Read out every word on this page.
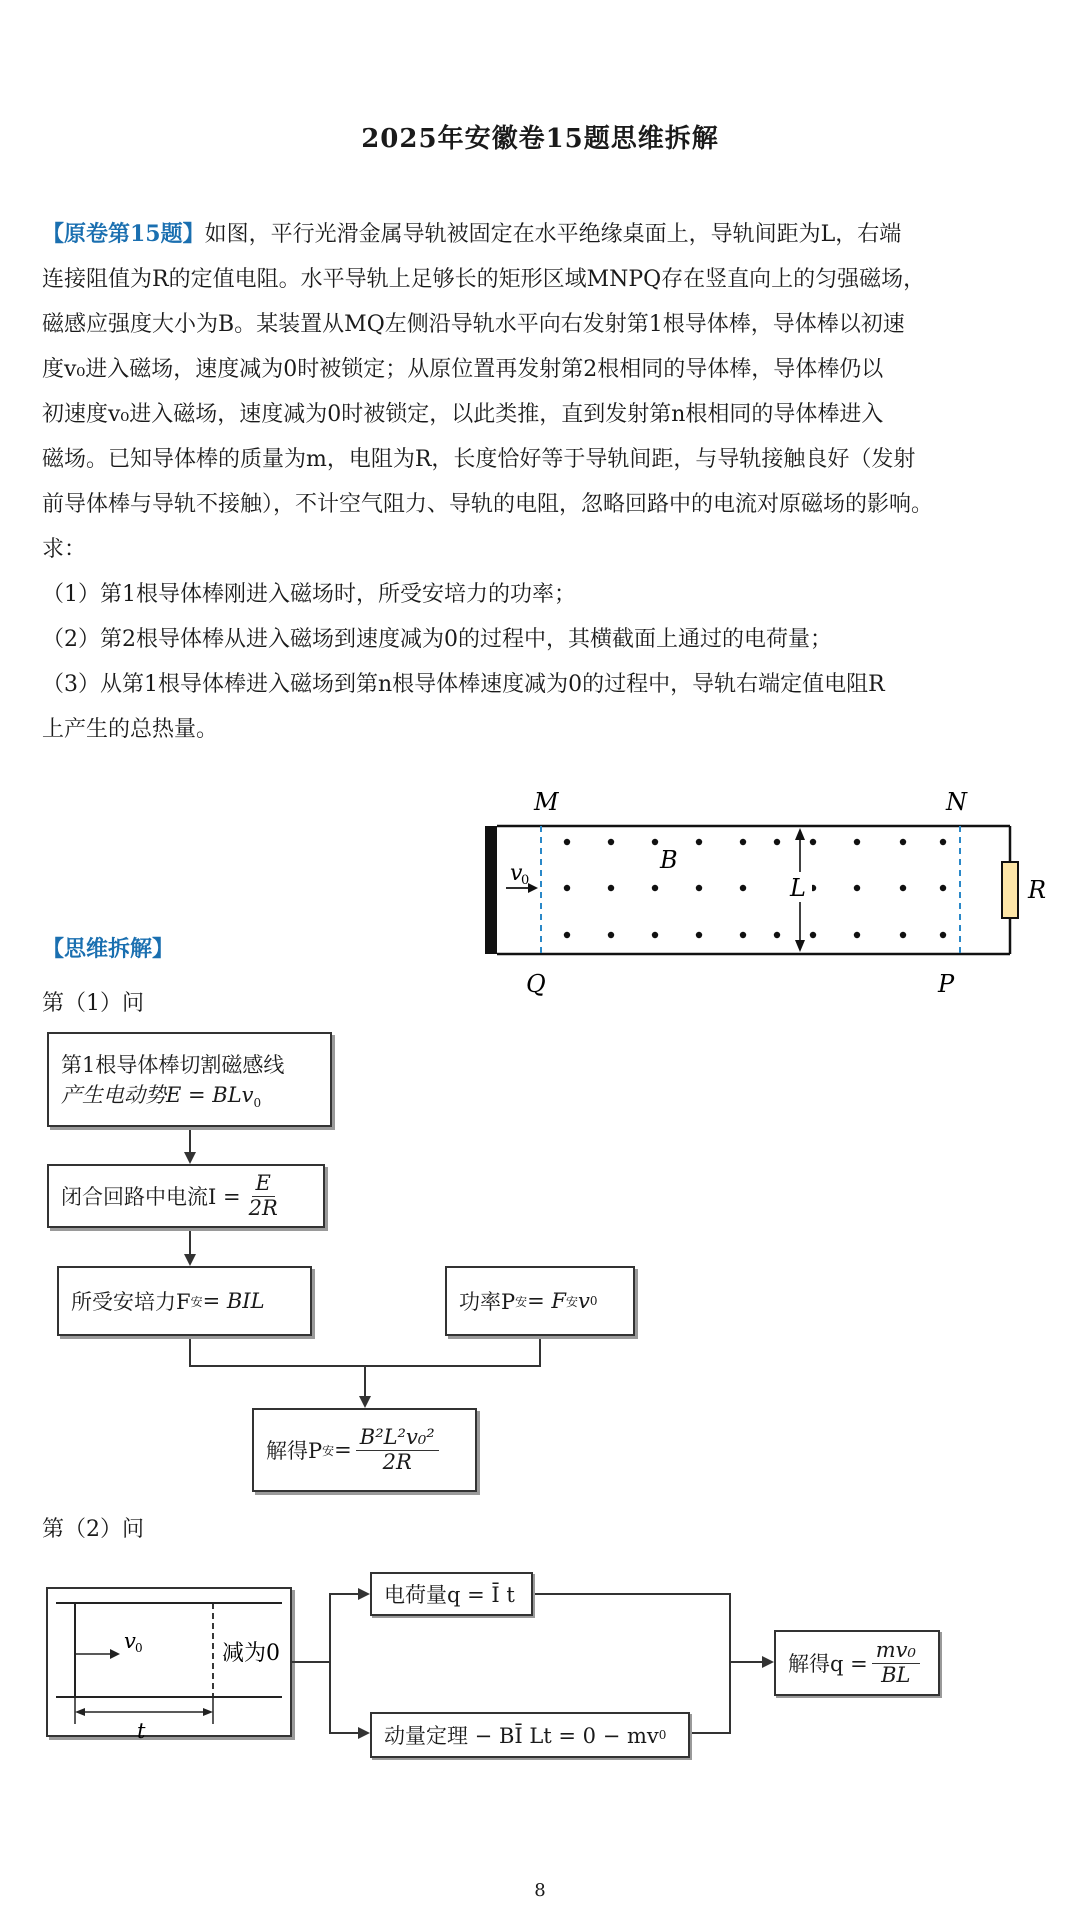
2025年安徽卷15题思维拆解

【原卷第15题】如图，平行光滑金属导轨被固定在水平绝缘桌面上，导轨间距为L，右端

连接阻值为R的定值电阻。水平导轨上足够长的矩形区域MNPQ存在竖直向上的匀强磁场，

磁感应强度大小为B。某装置从MQ左侧沿导轨水平向右发射第1根导体棒，导体棒以初速

度v₀进入磁场，速度减为0时被锁定；从原位置再发射第2根相同的导体棒，导体棒仍以

初速度v₀进入磁场，速度减为0时被锁定，以此类推，直到发射第n根相同的导体棒进入

磁场。已知导体棒的质量为m，电阻为R，长度恰好等于导轨间距，与导轨接触良好（发射

前导体棒与导轨不接触），不计空气阻力、导轨的电阻，忽略回路中的电流对原磁场的影响。

求：

（1）第1根导体棒刚进入磁场时，所受安培力的功率；

（2）第2根导体棒从进入磁场到速度减为0的过程中，其横截面上通过的电荷量；

（3）从第1根导体棒进入磁场到第n根导体棒速度减为0的过程中，导轨右端定值电阻R

上产生的总热量。

M	N
P
Q
B
L	R
v
0
v 0
t
减为0
【思维拆解】
第（1）问
第1根导体棒切割磁感线
产生电动势E = BLv$_0$
闭合回路中电流$I = \frac{E}{2R}$
所受安培力F 安 = BIL	功率P 安 = F 安 v 0
解得P 安 = $\frac{\text{B²L²v₀²}}{2R}$
第（2）问
电荷量q = Ī t
动量定理 − BĪ Lt = 0 − mv 0
解得$q = \frac{\text{mv₀}}{BL}$
8
